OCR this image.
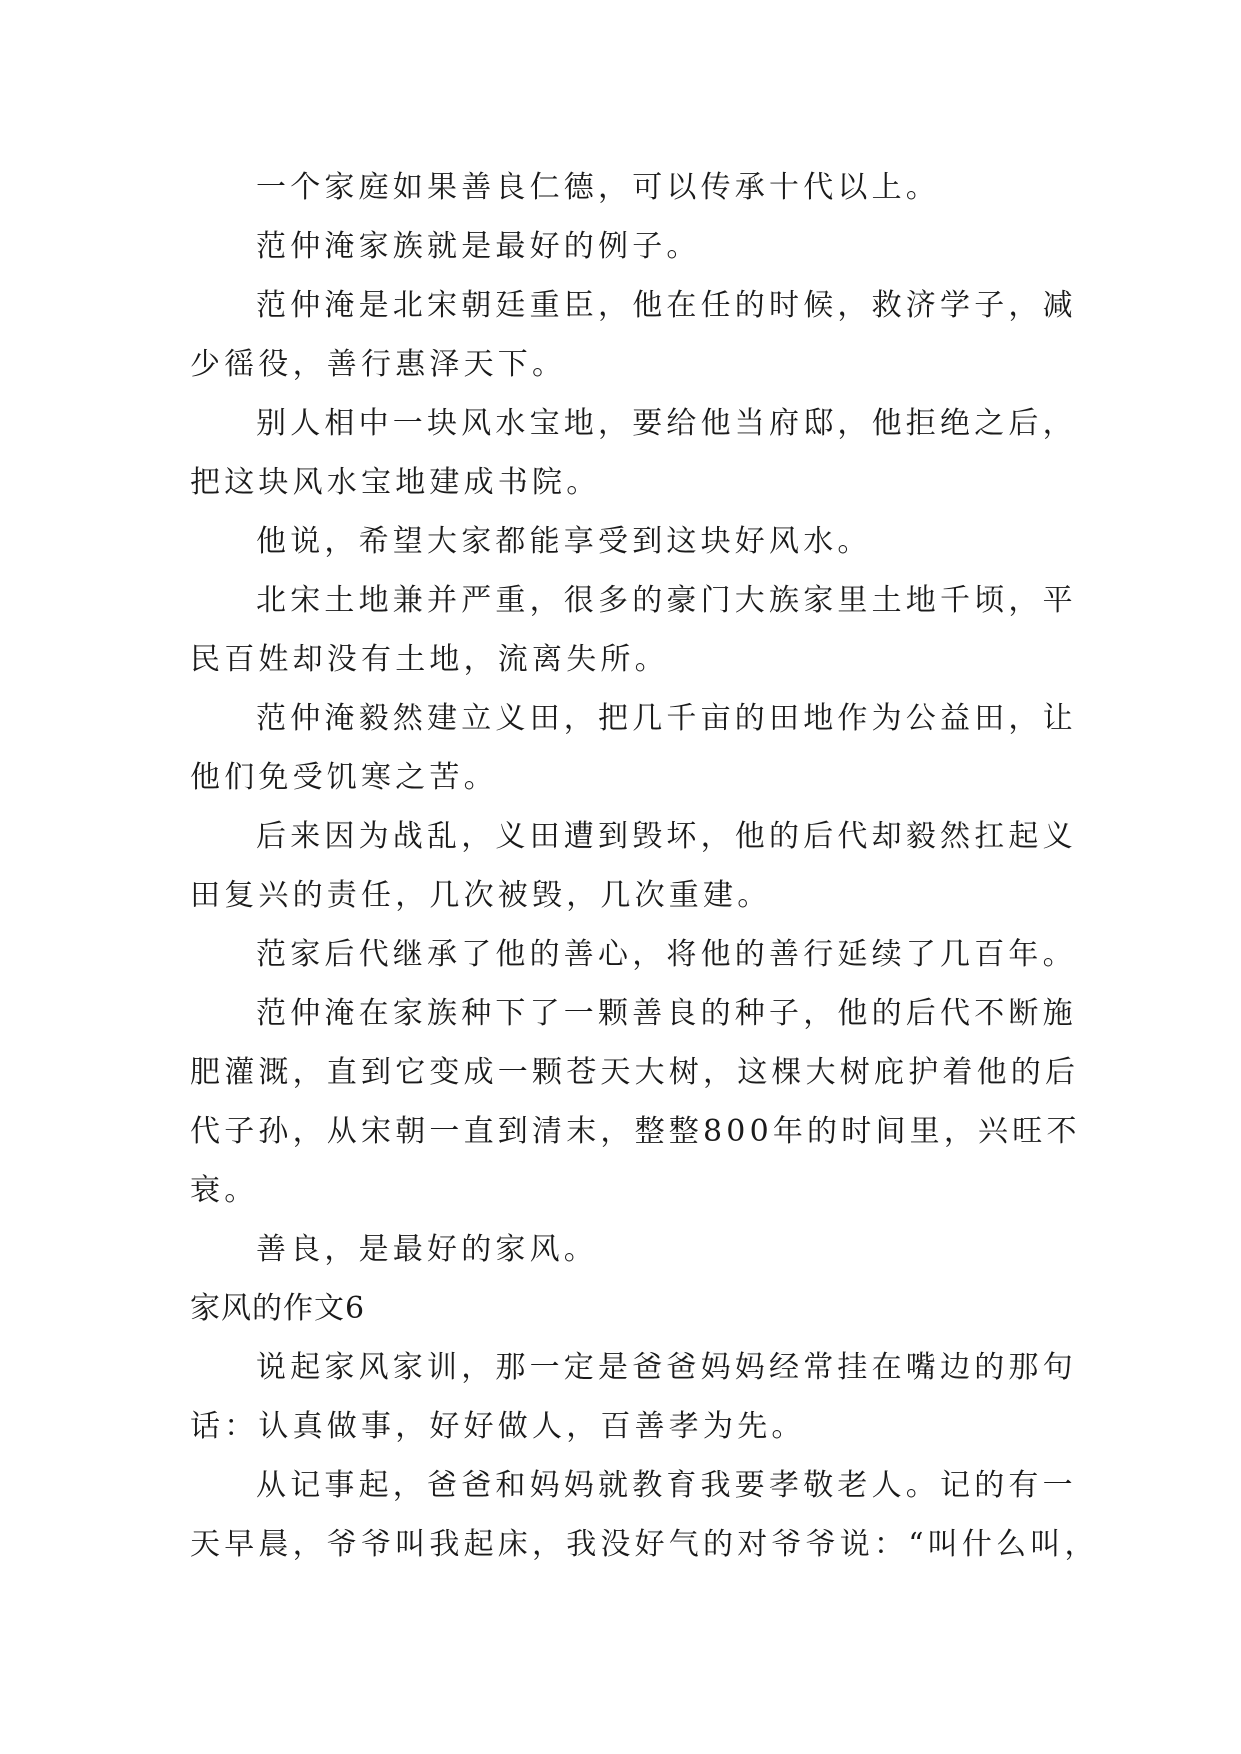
一个家庭如果善良仁德，可以传承十代以上。
范仲淹家族就是最好的例子。
范仲淹是北宋朝廷重臣，他在任的时候，救济学子，减
少徭役，善行惠泽天下。
别人相中一块风水宝地，要给他当府邸，他拒绝之后，
把这块风水宝地建成书院。
他说，希望大家都能享受到这块好风水。
北宋土地兼并严重，很多的豪门大族家里土地千顷，平
民百姓却没有土地，流离失所。
范仲淹毅然建立义田，把几千亩的田地作为公益田，让
他们免受饥寒之苦。
后来因为战乱，义田遭到毁坏，他的后代却毅然扛起义
田复兴的责任，几次被毁，几次重建。
范家后代继承了他的善心，将他的善行延续了几百年。
范仲淹在家族种下了一颗善良的种子，他的后代不断施
肥灌溉，直到它变成一颗苍天大树，这棵大树庇护着他的后
代子孙，从宋朝一直到清末，整整800年的时间里，兴旺不
衰。
善良，是最好的家风。
家风的作文6
说起家风家训，那一定是爸爸妈妈经常挂在嘴边的那句
话：认真做事，好好做人，百善孝为先。
从记事起，爸爸和妈妈就教育我要孝敬老人。记的有一
天早晨，爷爷叫我起床，我没好气的对爷爷说：“叫什么叫，
